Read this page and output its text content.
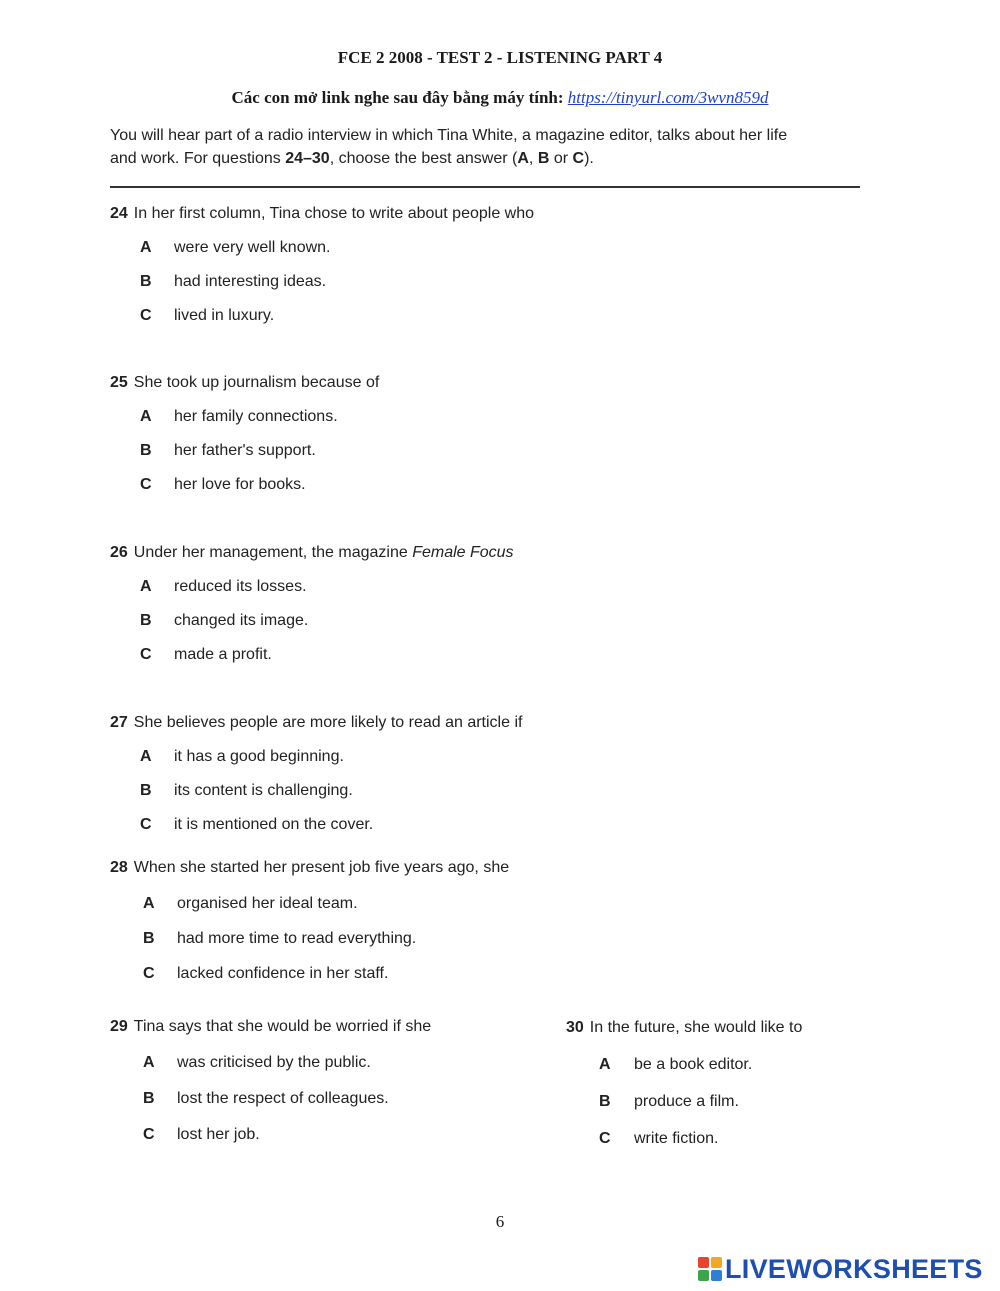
FCE 2 2008 - TEST 2 - LISTENING PART 4
Các con mở link nghe sau đây bằng máy tính: https://tinyurl.com/3wvn859d
You will hear part of a radio interview in which Tina White, a magazine editor, talks about her life
and work. For questions 24–30, choose the best answer (A, B or C).
24 In her first column, Tina chose to write about people who
A were very well known.
B had interesting ideas.
C lived in luxury.
25 She took up journalism because of
A her family connections.
B her father's support.
C her love for books.
26 Under her management, the magazine Female Focus
A reduced its losses.
B changed its image.
C made a profit.
27 She believes people are more likely to read an article if
A it has a good beginning.
B its content is challenging.
C it is mentioned on the cover.
28 When she started her present job five years ago, she
A organised her ideal team.
B had more time to read everything.
C lacked confidence in her staff.
29 Tina says that she would be worried if she
A was criticised by the public.
B lost the respect of colleagues.
C lost her job.
30 In the future, she would like to
A be a book editor.
B produce a film.
C write fiction.
6
LIVEWORKSHEETS
